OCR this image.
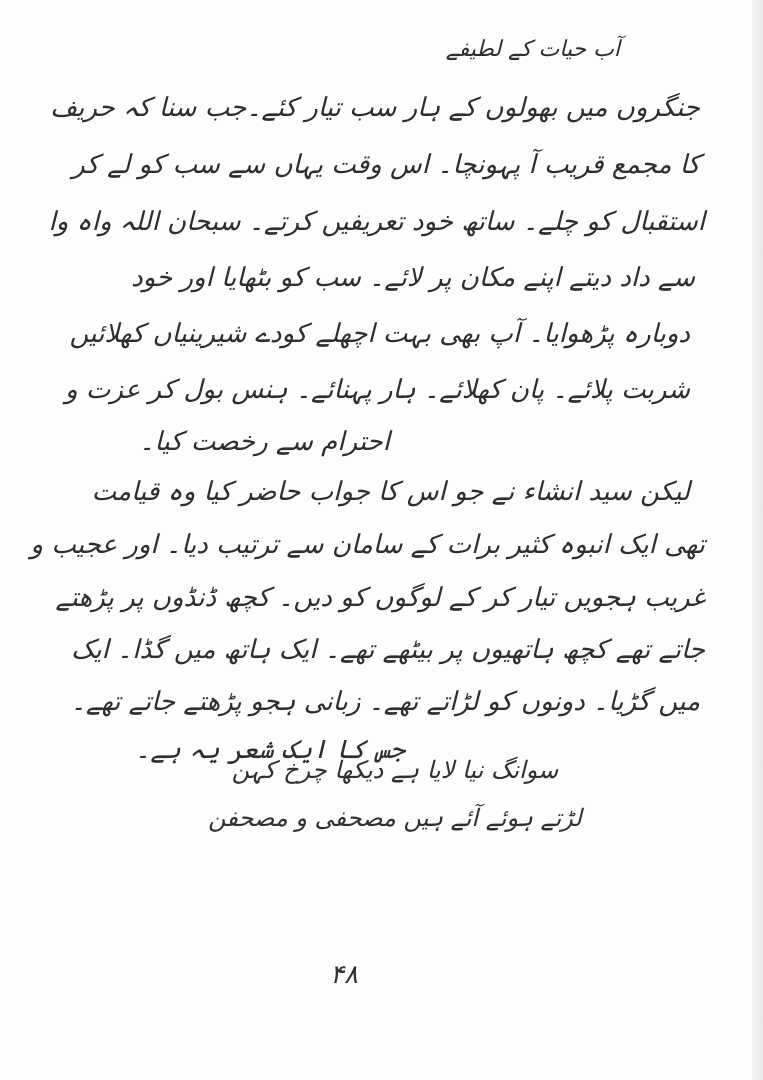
آب حیات کے لطیفے
جنگروں میں بھولوں کے ہار سب تیار کئے۔جب سنا کہ حریف
کا مجمع قریب آ پہونچا۔ اس وقت یہاں سے سب کو لے کر
استقبال کو چلے۔ ساتھ خود تعریفیں کرتے۔ سبحان اللہ واہ وا
سے داد دیتے اپنے مکان پر لائے۔ سب کو بٹھایا اور خود
دوبارہ پڑھوایا۔ آپ بھی بہت اچھلے کودے شیرینیاں کھلائیں
شربت پلائے۔ پان کھلائے۔ ہار پہنائے۔ ہنس بول کر عزت و
احترام سے رخصت کیا۔
لیکن سید انشاء نے جو اس کا جواب حاضر کیا وہ قیامت
تھی ایک انبوہ کثیر برات کے سامان سے ترتیب دیا۔ اور عجیب و
غریب ہجویں تیار کر کے لوگوں کو دیں۔ کچھ ڈنڈوں پر پڑھتے
جاتے تھے کچھ ہاتھیوں پر بیٹھے تھے۔ ایک ہاتھ میں گڈا۔ ایک
میں گڑیا۔ دونوں کو لڑاتے تھے۔ زبانی ہجو پڑھتے جاتے تھے۔
جس کا ایک شعر یہ ہے۔
سوانگ نیا لایا ہے دیکھا چرخ کہن
لڑتے ہوئے آئے ہیں مصحفی و مصحفن
۴۸
